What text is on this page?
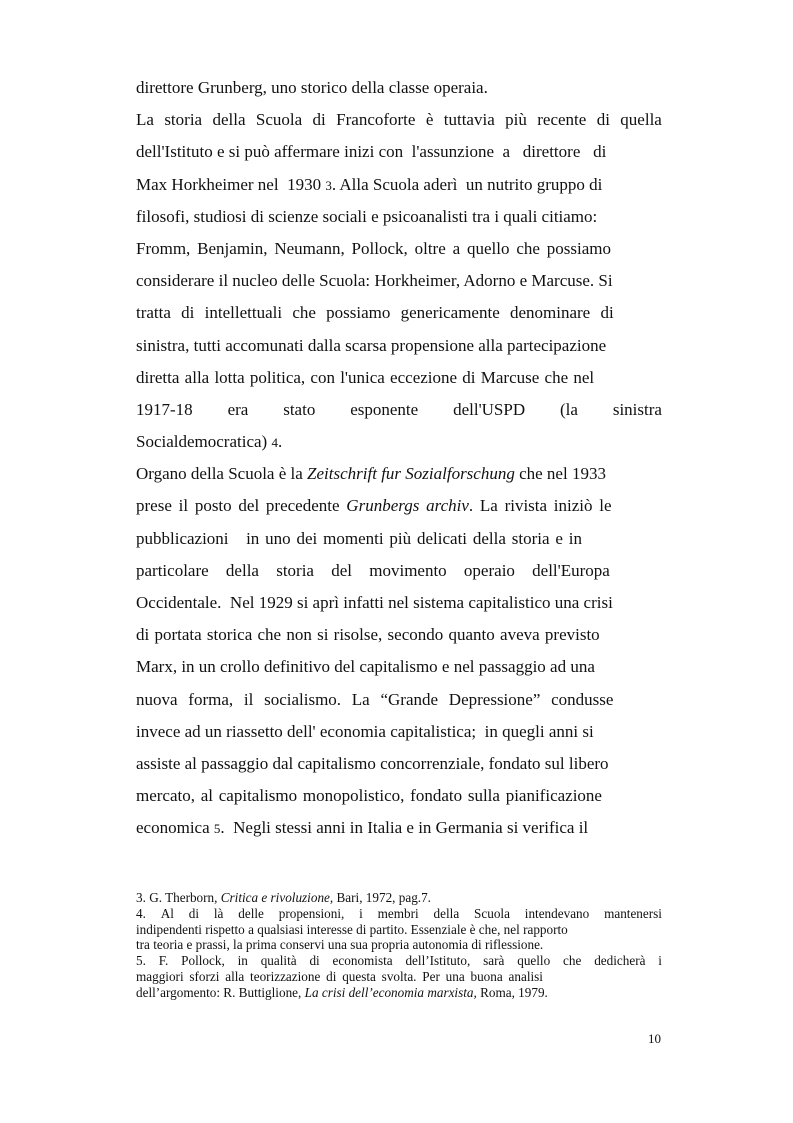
direttore Grunberg, uno storico della classe operaia.
La storia della Scuola di Francoforte è tuttavia più recente di quella
dell'Istituto e si può affermare inizi con  l'assunzione  a   direttore   di
Max Horkheimer nel  1930 3. Alla Scuola aderì  un nutrito gruppo di
filosofi, studiosi di scienze sociali e psicoanalisti tra i quali citiamo:
Fromm, Benjamin, Neumann, Pollock, oltre a quello che possiamo
considerare il nucleo delle Scuola: Horkheimer, Adorno e Marcuse. Si
tratta di intellettuali che possiamo genericamente denominare di
sinistra, tutti accomunati dalla scarsa propensione alla partecipazione
diretta alla lotta politica, con l'unica eccezione di Marcuse che nel
1917-18 era stato esponente dell'USPD (la sinistra
Socialdemocratica) 4.
Organo della Scuola è la Zeitschrift fur Sozialforschung che nel 1933
prese il posto del precedente Grunbergs archiv. La rivista iniziò le
pubblicazioni   in uno dei momenti più delicati della storia e in
particolare della storia del movimento operaio dell'Europa
Occidentale.  Nel 1929 si aprì infatti nel sistema capitalistico una crisi
di portata storica che non si risolse, secondo quanto aveva previsto
Marx, in un crollo definitivo del capitalismo e nel passaggio ad una
nuova forma, il socialismo. La “Grande Depressione” condusse
invece ad un riassetto dell' economia capitalistica;  in quegli anni si
assiste al passaggio dal capitalismo concorrenziale, fondato sul libero
mercato, al capitalismo monopolistico, fondato sulla pianificazione
economica 5.  Negli stessi anni in Italia e in Germania si verifica il
3. G. Therborn, Critica e rivoluzione, Bari, 1972, pag.7.
4. Al di là delle propensioni, i membri della Scuola intendevano mantenersi
indipendenti rispetto a qualsiasi interesse di partito. Essenziale è che, nel rapporto
tra teoria e prassi, la prima conservi una sua propria autonomia di riflessione.
5. F. Pollock, in qualità di economista dell’Istituto, sarà quello che dedicherà i
maggiori sforzi alla teorizzazione di questa svolta. Per una buona analisi
dell’argomento: R. Buttiglione, La crisi dell’economia marxista, Roma, 1979.
10
